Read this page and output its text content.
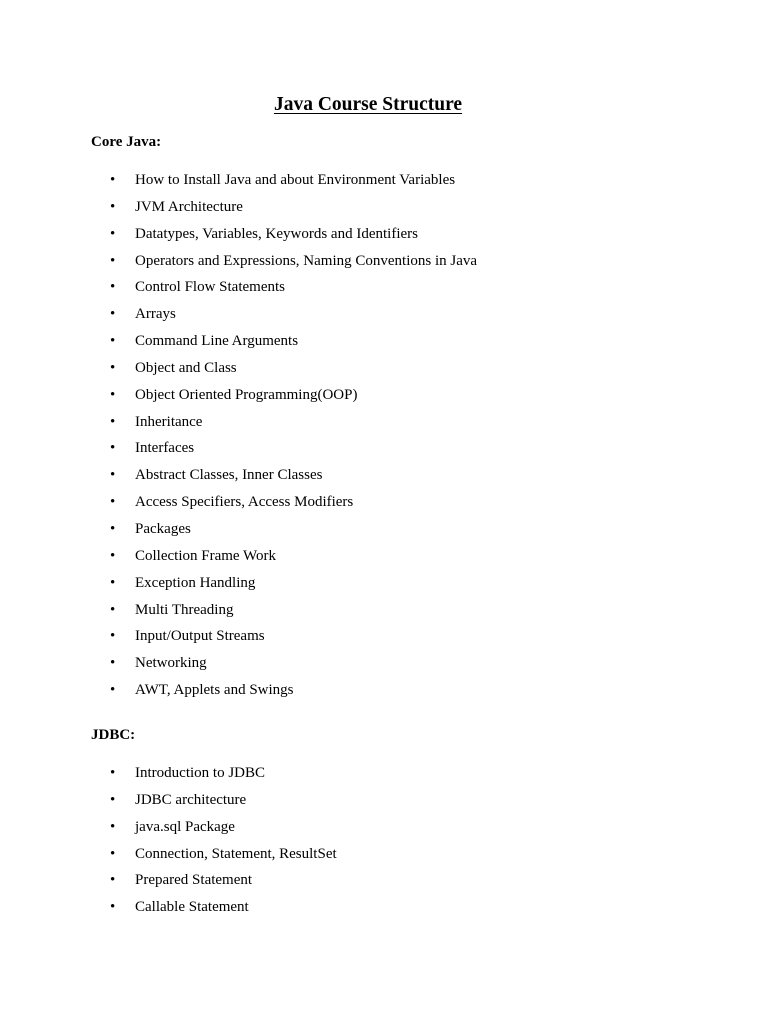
Java Course Structure
Core Java:
•	How to Install Java and about Environment Variables
•	JVM Architecture
•	Datatypes, Variables, Keywords and Identifiers
•	Operators and Expressions, Naming Conventions in Java
•	Control Flow Statements
•	Arrays
•	Command Line Arguments
•	Object and Class
•	Object Oriented Programming(OOP)
•	Inheritance
•	Interfaces
•	Abstract Classes, Inner Classes
•	Access Specifiers, Access Modifiers
•	Packages
•	Collection Frame Work
•	Exception Handling
•	Multi Threading
•	Input/Output Streams
•	Networking
•	AWT, Applets and Swings
JDBC:
•	Introduction to JDBC
•	JDBC architecture
•	java.sql Package
•	Connection, Statement, ResultSet
•	Prepared Statement
•	Callable Statement
